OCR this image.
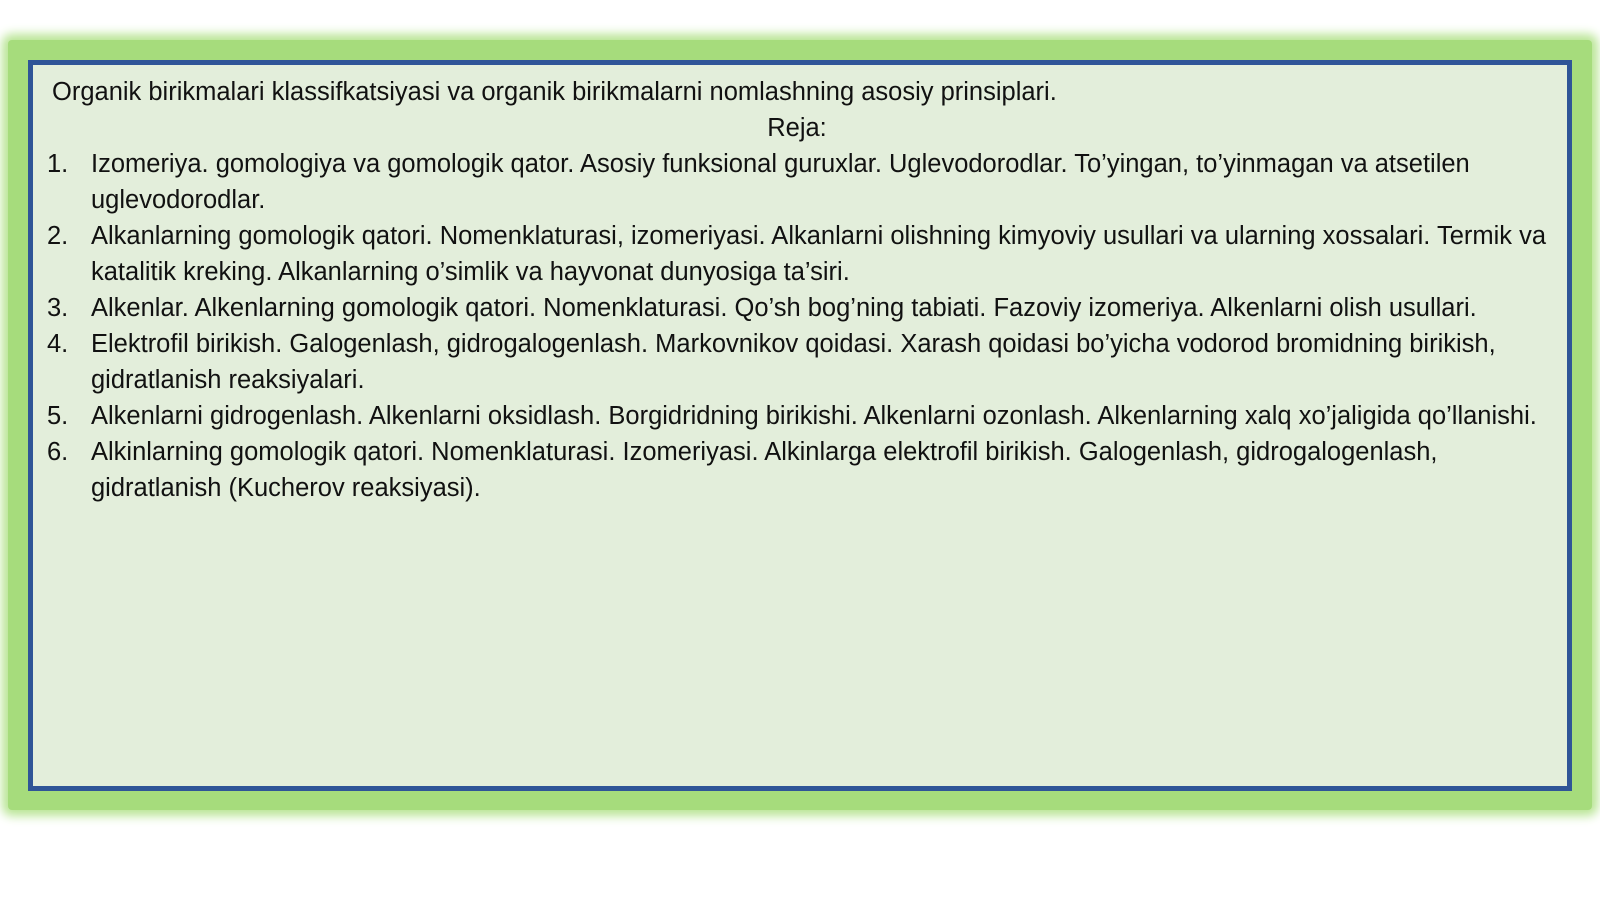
Organik birikmalari klassifkatsiyasi va organik birikmalarni nomlashning asosiy prinsiplari.

Reja:

1. Izomeriya. gomologiya va gomologik qator. Asosiy funksional guruxlar. Uglevodorodlar. To’yingan, to’yinmagan va atsetilen uglevodorodlar.
2. Alkanlarning gomologik qatori. Nomenklaturasi, izomeriyasi. Alkanlarni olishning kimyoviy usullari va ularning xossalari. Termik va katalitik kreking. Alkanlarning o’simlik va hayvonat dunyosiga ta’siri.
3. Alkenlar. Alkenlarning gomologik qatori. Nomenklaturasi. Qo’sh bog’ning tabiati. Fazoviy izomeriya. Alkenlarni olish usullari.
4. Elektrofil birikish. Galogenlash, gidrogalogenlash. Markovnikov qoidasi. Xarash qoidasi bo’yicha vodorod bromidning birikish, gidratlanish reaksiyalari.
5. Alkenlarni gidrogenlash. Alkenlarni oksidlash. Borgidridning birikishi. Alkenlarni ozonlash. Alkenlarning xalq xo’jaligida qo’llanishi.
6. Alkinlarning gomologik qatori. Nomenklaturasi. Izomeriyasi. Alkinlarga elektrofil birikish. Galogenlash, gidrogalogenlash, gidratlanish (Kucherov reaksiyasi).
